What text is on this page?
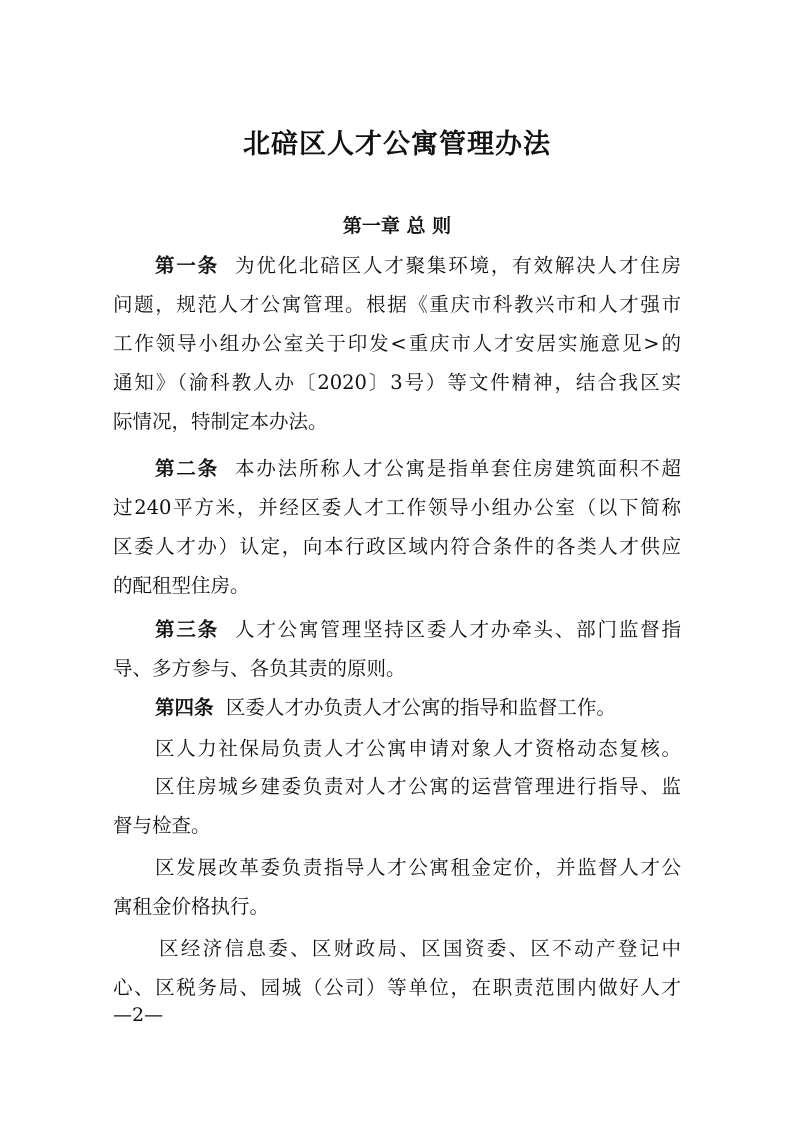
北碚区人才公寓管理办法
第一章 总 则
第一条 为优化北碚区人才聚集环境，有效解决人才住房
问题，规范人才公寓管理。根据《重庆市科教兴市和人才强市
工作领导小组办公室关于印发<重庆市人才安居实施意见>的
通知》（渝科教人办〔2020〕3号）等文件精神，结合我区实
际情况，特制定本办法。
第二条 本办法所称人才公寓是指单套住房建筑面积不超
过240平方米，并经区委人才工作领导小组办公室（以下简称
区委人才办）认定，向本行政区域内符合条件的各类人才供应
的配租型住房。
第三条 人才公寓管理坚持区委人才办牵头、部门监督指
导、多方参与、各负其责的原则。
第四条 区委人才办负责人才公寓的指导和监督工作。
区人力社保局负责人才公寓申请对象人才资格动态复核。
区住房城乡建委负责对人才公寓的运营管理进行指导、监
督与检查。
区发展改革委负责指导人才公寓租金定价，并监督人才公
寓租金价格执行。
区经济信息委、区财政局、区国资委、区不动产登记中
心、区税务局、园城（公司）等单位，在职责范围内做好人才
—2—
